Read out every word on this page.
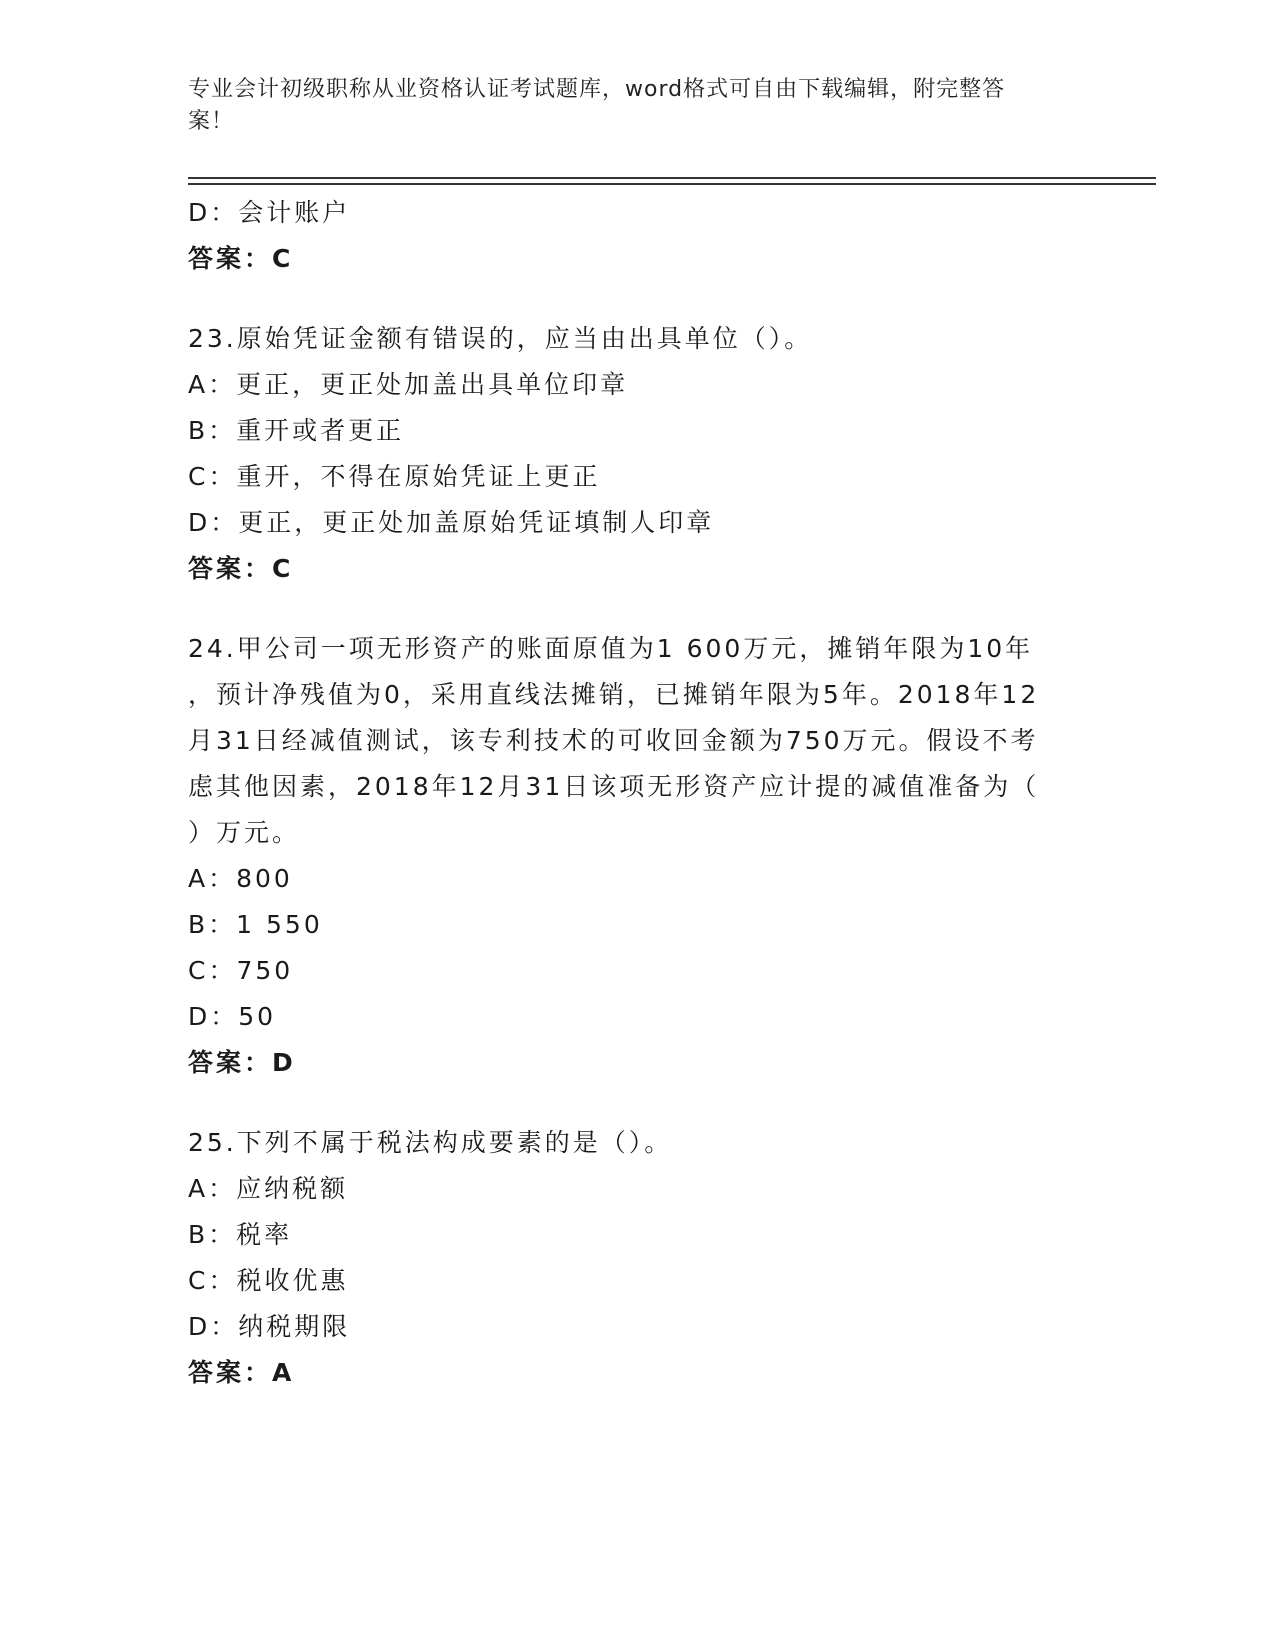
专业会计初级职称从业资格认证考试题库，word格式可自由下载编辑，附完整答
案！
D：会计账户
答案：C
23.原始凭证金额有错误的，应当由出具单位（）。
A：更正，更正处加盖出具单位印章
B：重开或者更正
C：重开，不得在原始凭证上更正
D：更正，更正处加盖原始凭证填制人印章
答案：C
24.甲公司一项无形资产的账面原值为1 600万元，摊销年限为10年
，预计净残值为0，采用直线法摊销，已摊销年限为5年。2018年12
月31日经减值测试，该专利技术的可收回金额为750万元。假设不考
虑其他因素，2018年12月31日该项无形资产应计提的减值准备为（
）万元。
A：800
B：1 550
C：750
D：50
答案：D
25.下列不属于税法构成要素的是（）。
A：应纳税额
B：税率
C：税收优惠
D：纳税期限
答案：A
